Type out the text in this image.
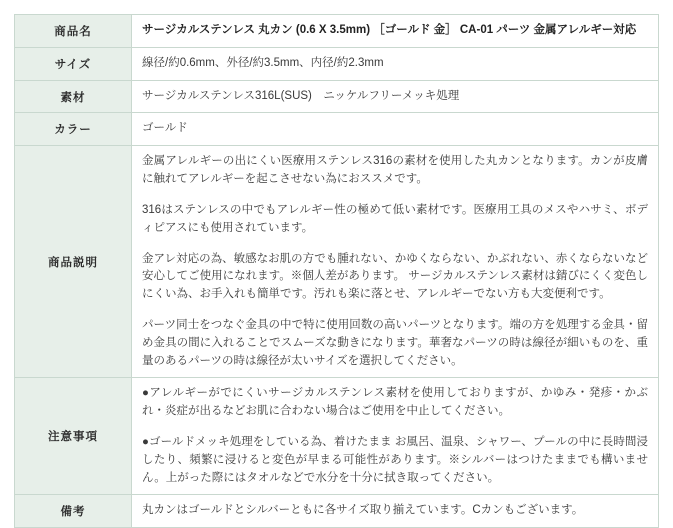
商品名	サージカルステンレス 丸カン (0.6 X 3.5mm) ［ゴールド 金］ CA-01 パーツ 金属アレルギー対応

サイズ	線径/約0.6mm、外径/約3.5mm、内径/約2.3mm

素材	サージカルステンレス316L(SUS)　ニッケルフリーメッキ処理

カラー	ゴールド

商品説明	金属アレルギーの出にくい医療用ステンレス316の素材を使用した丸カンとなります。カンが皮膚に触れてアレルギーを起こさせない為におススメです。

316はステンレスの中でもアレルギー性の極めて低い素材です。医療用工具のメスやハサミ、ボディピアスにも使用されています。

金アレ対応の為、敏感なお肌の方でも腫れない、かゆくならない、かぶれない、赤くならないなど安心してご使用になれます。※個人差があります。 サージカルステンレス素材は錆びにくく変色しにくい為、お手入れも簡単です。汚れも楽に落とせ、アレルギーでない方も大変便利です。

パーツ同士をつなぐ金具の中で特に使用回数の高いパーツとなります。端の方を処理する金具・留め金具の間に入れることでスムーズな動きになります。華奢なパーツの時は線径が細いものを、重量のあるパーツの時は線径が太いサイズを選択してください。

注意事項	●アレルギーがでにくいサージカルステンレス素材を使用しておりますが、かゆみ・発疹・かぶれ・炎症が出るなどお肌に合わない場合はご使用を中止してください。

●ゴールドメッキ処理をしている為、着けたまま お風呂、温泉、シャワー、プールの中に長時間浸したり、頻繁に浸けると変色が早まる可能性があります。※シルバーはつけたままでも構いません。上がった際にはタオルなどで水分を十分に拭き取ってください。

備考	丸カンはゴールドとシルバーともに各サイズ取り揃えています。Cカンもございます。
